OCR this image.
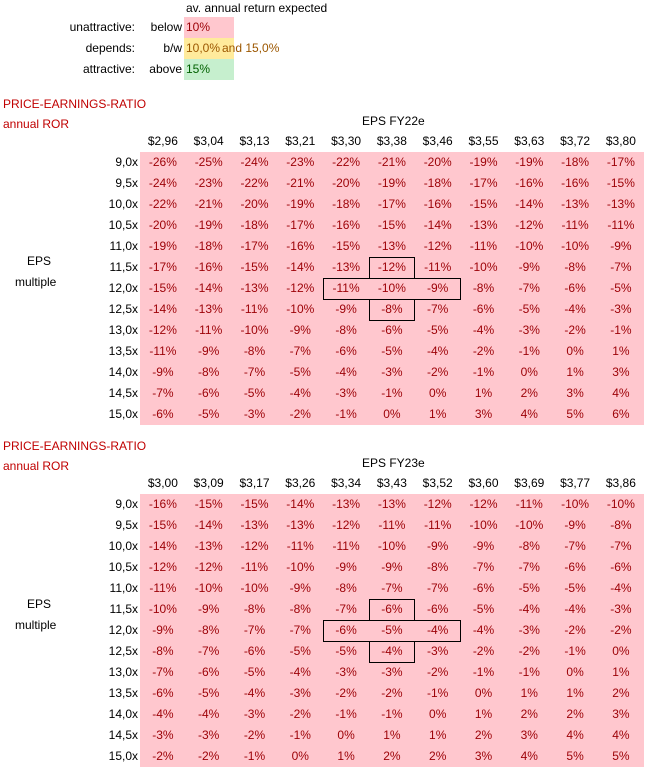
av. annual return expected
unattractive:	below 10%
depends:	b/w 10,0% and 15,0%
attractive:	above 15%
PRICE-EARNINGS-RATIO
annual ROR	EPS FY22e
EPS
multiple
$2,96	$3,04	$3,13	$3,21	$3,30	$3,38	$3,46	$3,55	$3,63	$3,72	$3,80
9,0x -26%	-25%	-24%	-23%	-22%	-21%	-20%	-19%	-19%	-18%	-17%
9,5x -24%	-23%	-22%	-21%	-20%	-19%	-18%	-17%	-16%	-16%	-15%
10,0x -22%	-21%	-20%	-19%	-18%	-17%	-16%	-15%	-14%	-13%	-13%
10,5x -20%	-19%	-18%	-17%	-16%	-15%	-14%	-13%	-12%	-11%	-11%
11,0x -19%	-18%	-17%	-16%	-15%	-13%	-12%	-11%	-10%	-10%	-9%
11,5x -17%	-16%	-15%	-14%	-13%	-12%	-11%	-10%	-9%	-8%	-7%
12,0x -15%	-14%	-13%	-12%	-11%	-10%	-9%	-8%	-7%	-6%	-5%
12,5x -14%	-13%	-11%	-10%	-9%	-8%	-7%	-6%	-5%	-4%	-3%
13,0x -12%	-11%	-10%	-9%	-8%	-6%	-5%	-4%	-3%	-2%	-1%
13,5x -11%	-9%	-8%	-7%	-6%	-5%	-4%	-2%	-1%	0%	1%
14,0x	-9%	-8%	-7%	-5%	-4%	-3%	-2%	-1%	0%	1%	3%
14,5x	-7%	-6%	-5%	-4%	-3%	-1%	0%	1%	2%	3%	4%
15,0x	-6%	-5%	-3%	-2%	-1%	0%	1%	3%	4%	5%	6%
PRICE-EARNINGS-RATIO
annual ROR	EPS FY23e
EPS
multiple
$3,00	$3,09	$3,17	$3,26	$3,34	$3,43	$3,52	$3,60	$3,69	$3,77	$3,86
9,0x -16%	-15%	-15%	-14%	-13%	-13%	-12%	-12%	-11%	-10%	-10%
9,5x -15%	-14%	-13%	-13%	-12%	-11%	-11%	-10%	-10%	-9%	-8%
10,0x -14%	-13%	-12%	-11%	-11%	-10%	-9%	-9%	-8%	-7%	-7%
10,5x -12%	-12%	-11%	-10%	-9%	-9%	-8%	-7%	-7%	-6%	-6%
11,0x -11%	-10%	-10%	-9%	-8%	-7%	-7%	-6%	-5%	-5%	-4%
11,5x -10%	-9%	-8%	-8%	-7%	-6%	-6%	-5%	-4%	-4%	-3%
12,0x	-9%	-8%	-7%	-7%	-6%	-5%	-4%	-4%	-3%	-2%	-2%
12,5x	-8%	-7%	-6%	-5%	-5%	-4%	-3%	-2%	-2%	-1%	0%
13,0x	-7%	-6%	-5%	-4%	-3%	-3%	-2%	-1%	-1%	0%	1%
13,5x	-6%	-5%	-4%	-3%	-2%	-2%	-1%	0%	1%	1%	2%
14,0x	-4%	-4%	-3%	-2%	-1%	-1%	0%	1%	2%	2%	3%
14,5x	-3%	-3%	-2%	-1%	0%	1%	1%	2%	3%	4%	4%
15,0x	-2%	-2%	-1%	0%	1%	2%	2%	3%	4%	5%	5%
